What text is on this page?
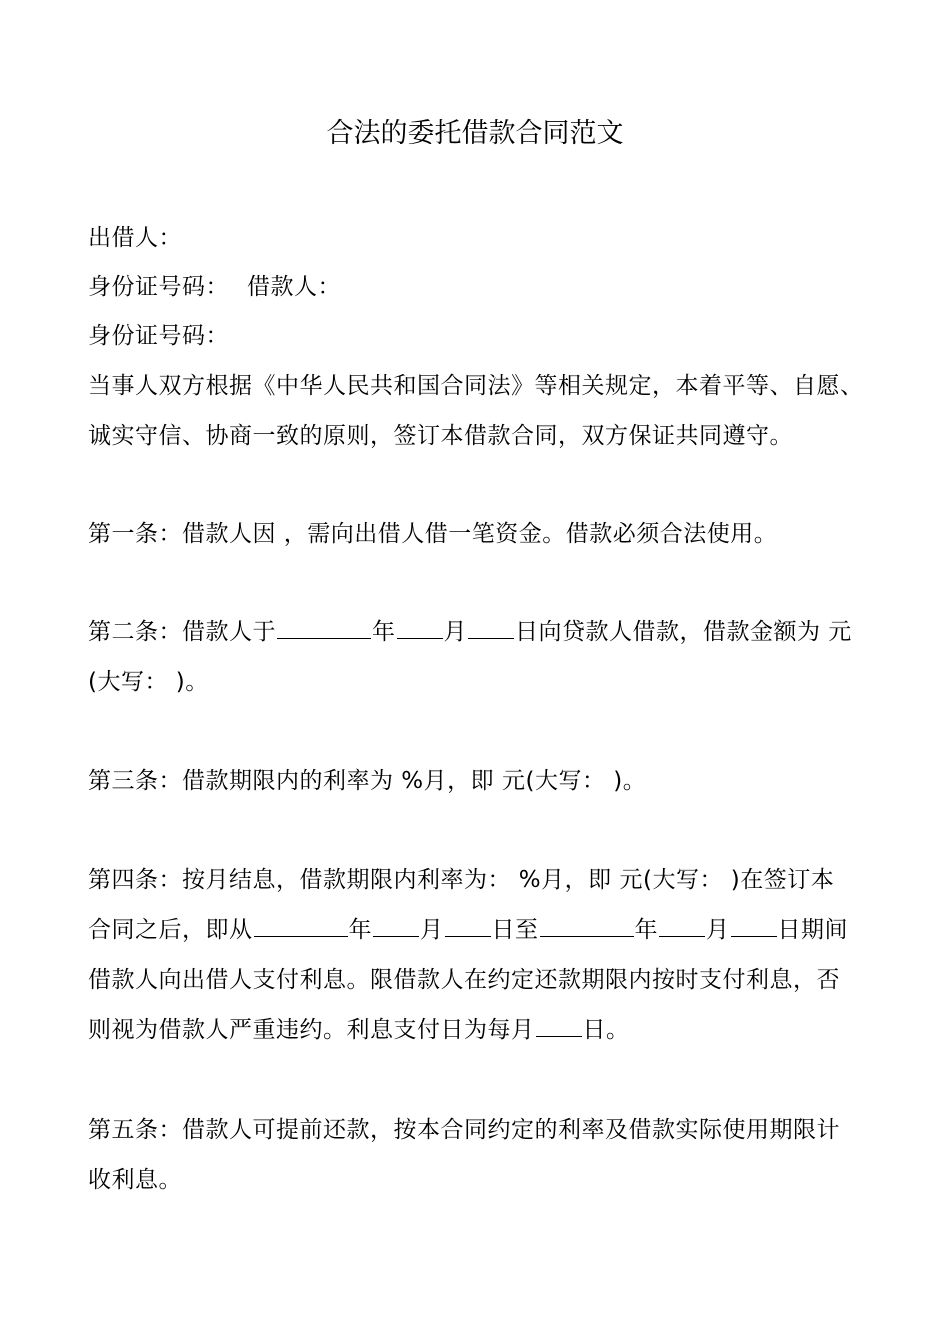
合法的委托借款合同范文
出借人：
身份证号码： 借款人：
身份证号码：
当事人双方根据《中华人民共和国合同法》等相关规定，本着平等、自愿、
诚实守信、协商一致的原则，签订本借款合同，双方保证共同遵守。
第一条：借款人因 ，需向出借人借一笔资金。借款必须合法使用。
第二条：借款人于	年 月 日向贷款人借款，借款金额为 元
(大写： )。
第三条：借款期限内的利率为 %月，即 元(大写： )。
第四条：按月结息，借款期限内利率为： %月，即 元(大写： )在签订本
合同之后，即从	年 月 日至	年 月 日期间
借款人向出借人支付利息。限借款人在约定还款期限内按时支付利息，否
则视为借款人严重违约。利息支付日为每月 日。
第五条：借款人可提前还款，按本合同约定的利率及借款实际使用期限计
收利息。
